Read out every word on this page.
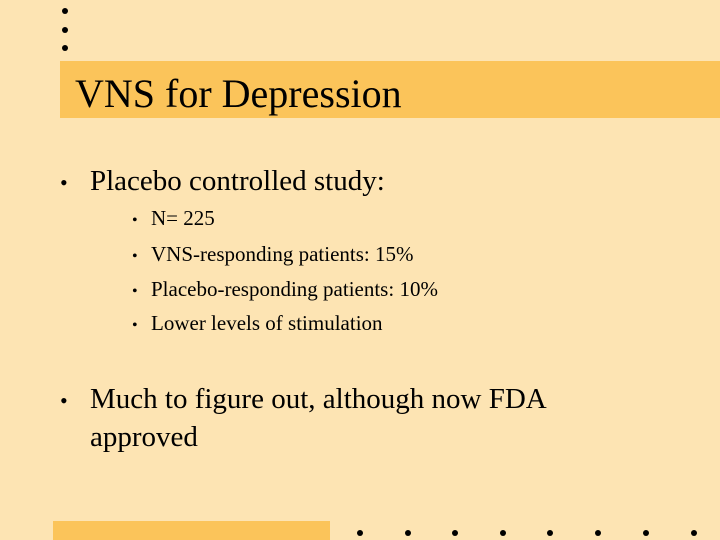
VNS for Depression
• Placebo controlled study:
• N= 225
• VNS-responding patients: 15%
• Placebo-responding patients: 10%
• Lower levels of stimulation
• Much to figure out, although now FDA
approved
